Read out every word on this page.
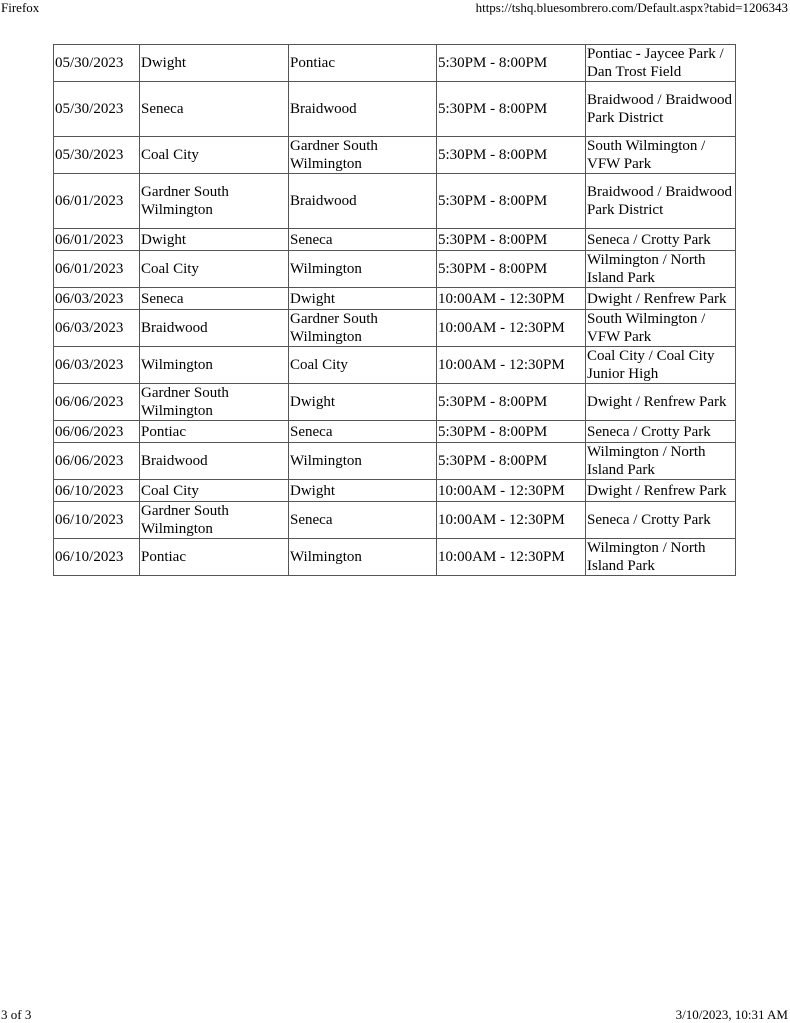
Firefox	https://tshq.bluesombrero.com/Default.aspx?tabid=1206343
05/30/2023	Dwight	Pontiac	5:30PM - 8:00PM	Pontiac - Jaycee Park / Dan Trost Field
05/30/2023	Seneca	Braidwood	5:30PM - 8:00PM	Braidwood / Braidwood Park District
05/30/2023	Coal City	Gardner South Wilmington	5:30PM - 8:00PM	South Wilmington / VFW Park
06/01/2023	Gardner South Wilmington	Braidwood	5:30PM - 8:00PM	Braidwood / Braidwood Park District
06/01/2023	Dwight	Seneca	5:30PM - 8:00PM	Seneca / Crotty Park
06/01/2023	Coal City	Wilmington	5:30PM - 8:00PM	Wilmington / North Island Park
06/03/2023	Seneca	Dwight	10:00AM - 12:30PM	Dwight / Renfrew Park
06/03/2023	Braidwood	Gardner South Wilmington	10:00AM - 12:30PM	South Wilmington / VFW Park
06/03/2023	Wilmington	Coal City	10:00AM - 12:30PM	Coal City / Coal City Junior High
06/06/2023	Gardner South Wilmington	Dwight	5:30PM - 8:00PM	Dwight / Renfrew Park
06/06/2023	Pontiac	Seneca	5:30PM - 8:00PM	Seneca / Crotty Park
06/06/2023	Braidwood	Wilmington	5:30PM - 8:00PM	Wilmington / North Island Park
06/10/2023	Coal City	Dwight	10:00AM - 12:30PM	Dwight / Renfrew Park
06/10/2023	Gardner South Wilmington	Seneca	10:00AM - 12:30PM	Seneca / Crotty Park
06/10/2023	Pontiac	Wilmington	10:00AM - 12:30PM	Wilmington / North Island Park
3 of 3	3/10/2023, 10:31 AM
